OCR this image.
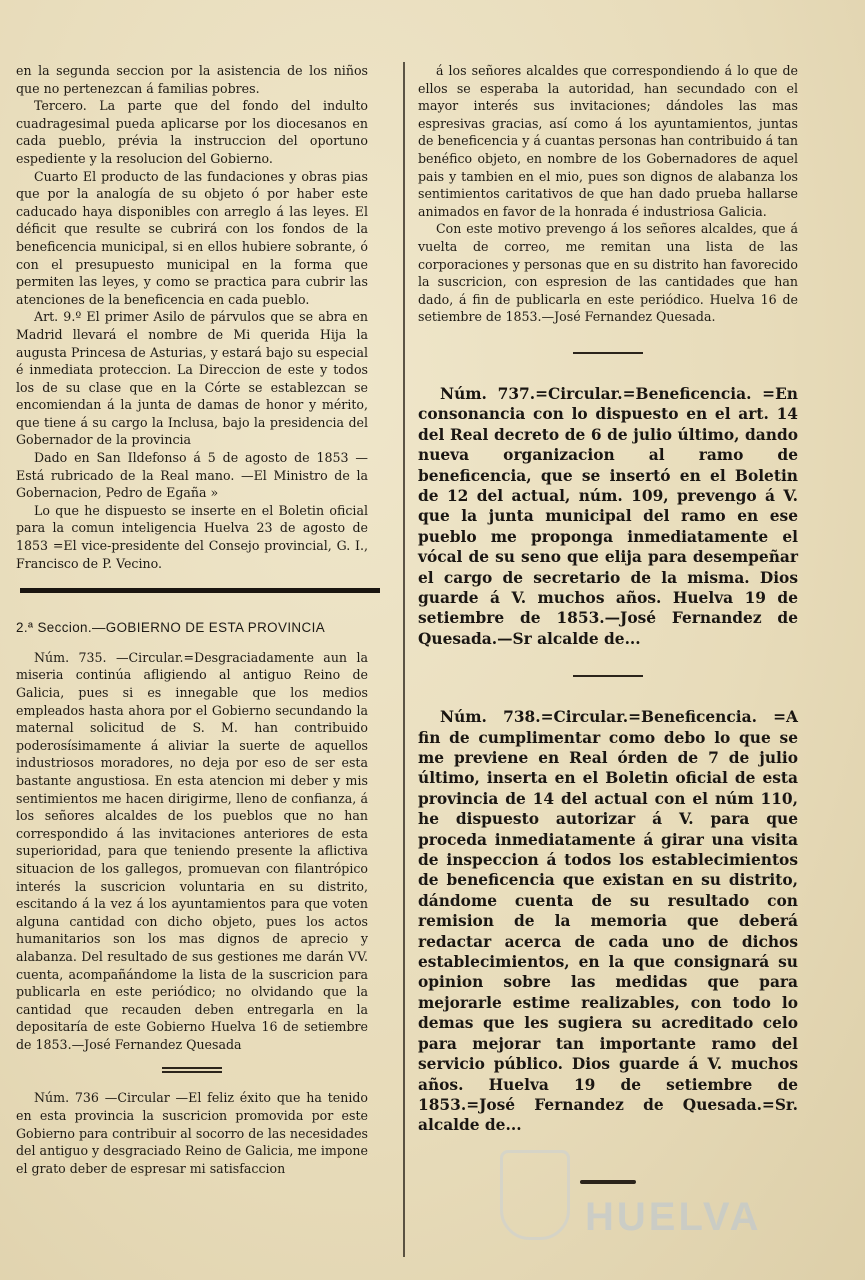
en la segunda seccion por la asistencia de los niños que no pertenezcan á familias pobres.

Tercero. La parte que del fondo del indulto cuadragesimal pueda aplicarse por los diocesanos en cada pueblo, prévia la instruccion del oportuno espediente y la resolucion del Gobierno.

Cuarto El producto de las fundaciones y obras pias que por la analogía de su objeto ó por haber este caducado haya disponibles con arreglo á las leyes. El déficit que resulte se cubrirá con los fondos de la beneficencia municipal, si en ellos hubiere sobrante, ó con el presupuesto municipal en la forma que permiten las leyes, y como se practica para cubrir las atenciones de la beneficencia en cada pueblo.

Art. 9.º El primer Asilo de párvulos que se abra en Madrid llevará el nombre de Mi querida Hija la augusta Princesa de Asturias, y estará bajo su especial é inmediata proteccion. La Direccion de este y todos los de su clase que en la Córte se establezcan se encomiendan á la junta de damas de honor y mérito, que tiene á su cargo la Inclusa, bajo la presidencia del Gobernador de la provincia

Dado en San Ildefonso á 5 de agosto de 1853 — Está rubricado de la Real mano. —El Ministro de la Gobernacion, Pedro de Egaña »

Lo que he dispuesto se inserte en el Boletin oficial para la comun inteligencia Huelva 23 de agosto de 1853 =El vice-presidente del Consejo provincial, G. I., Francisco de P. Vecino.

2.ª Seccion.—GOBIERNO DE ESTA PROVINCIA

Núm. 735. —Circular.=Desgraciadamente aun la miseria continúa afligiendo al antiguo Reino de Galicia, pues si es innegable que los medios empleados hasta ahora por el Gobierno secundando la maternal solicitud de S. M. han contribuido poderosísimamente á aliviar la suerte de aquellos industriosos moradores, no deja por eso de ser esta bastante angustiosa. En esta atencion mi deber y mis sentimientos me hacen dirigirme, lleno de confianza, á los señores alcaldes de los pueblos que no han correspondido á las invitaciones anteriores de esta superioridad, para que teniendo presente la aflictiva situacion de los gallegos, promuevan con filantrópico interés la suscricion voluntaria en su distrito, escitando á la vez á los ayuntamientos para que voten alguna cantidad con dicho objeto, pues los actos humanitarios son los mas dignos de aprecio y alabanza. Del resultado de sus gestiones me darán VV. cuenta, acompañándome la lista de la suscricion para publicarla en este periódico; no olvidando que la cantidad que recauden deben entregarla en la depositaría de este Gobierno Huelva 16 de setiembre de 1853.—José Fernandez Quesada

Núm. 736 —Circular —El feliz éxito que ha tenido en esta provincia la suscricion promovida por este Gobierno para contribuir al socorro de las necesidades del antiguo y desgraciado Reino de Galicia, me impone el grato deber de espresar mi satisfaccion

á los señores alcaldes que correspondiendo á lo que de ellos se esperaba la autoridad, han secundado con el mayor interés sus invitaciones; dándoles las mas espresivas gracias, así como á los ayuntamientos, juntas de beneficencia y á cuantas personas han contribuido á tan benéfico objeto, en nombre de los Gobernadores de aquel pais y tambien en el mio, pues son dignos de alabanza los sentimientos caritativos de que han dado prueba hallarse animados en favor de la honrada é industriosa Galicia.

Con este motivo prevengo á los señores alcaldes, que á vuelta de correo, me remitan una lista de las corporaciones y personas que en su distrito han favorecido la suscricion, con espresion de las cantidades que han dado, á fin de publicarla en este periódico. Huelva 16 de setiembre de 1853.—José Fernandez Quesada.

Núm. 737.=Circular.=Beneficencia. =En consonancia con lo dispuesto en el art. 14 del Real decreto de 6 de julio último, dando nueva organizacion al ramo de beneficencia, que se insertó en el Boletin de 12 del actual, núm. 109, prevengo á V. que la junta municipal del ramo en ese pueblo me proponga inmediatamente el vócal de su seno que elija para desempeñar el cargo de secretario de la misma. Dios guarde á V. muchos años. Huelva 19 de setiembre de 1853.—José Fernandez de Quesada.—Sr alcalde de...

Núm. 738.=Circular.=Beneficencia. =A fin de cumplimentar como debo lo que se me previene en Real órden de 7 de julio último, inserta en el Boletin oficial de esta provincia de 14 del actual con el núm 110, he dispuesto autorizar á V. para que proceda inmediatamente á girar una visita de inspeccion á todos los establecimientos de beneficencia que existan en su distrito, dándome cuenta de su resultado con remision de la memoria que deberá redactar acerca de cada uno de dichos establecimientos, en la que consignará su opinion sobre las medidas que para mejorarle estime realizables, con todo lo demas que les sugiera su acreditado celo para mejorar tan importante ramo del servicio público. Dios guarde á V. muchos años. Huelva 19 de setiembre de 1853.=José Fernandez de Quesada.=Sr. alcalde de...

HUELVA
